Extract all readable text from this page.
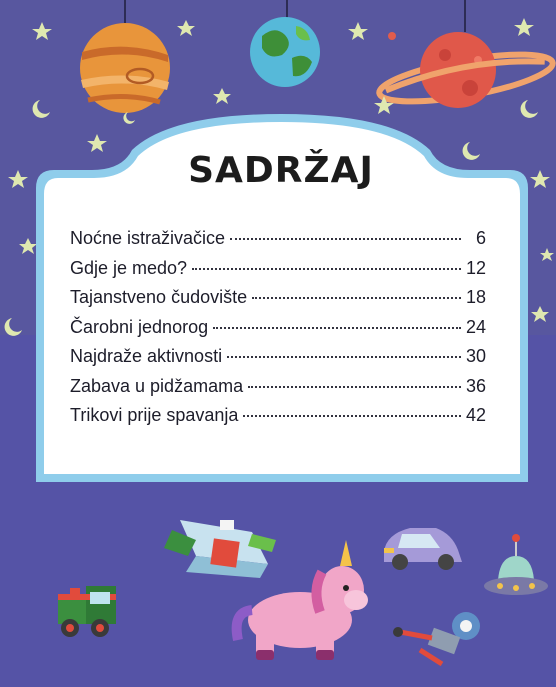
SADRŽAJ
Noćne istraživačice	6
Gdje je medo?	12
Tajanstveno čudovište	18
Čarobni jednorog	24
Najdraže aktivnosti	30
Zabava u pidžamama	36
Trikovi prije spavanja	42
